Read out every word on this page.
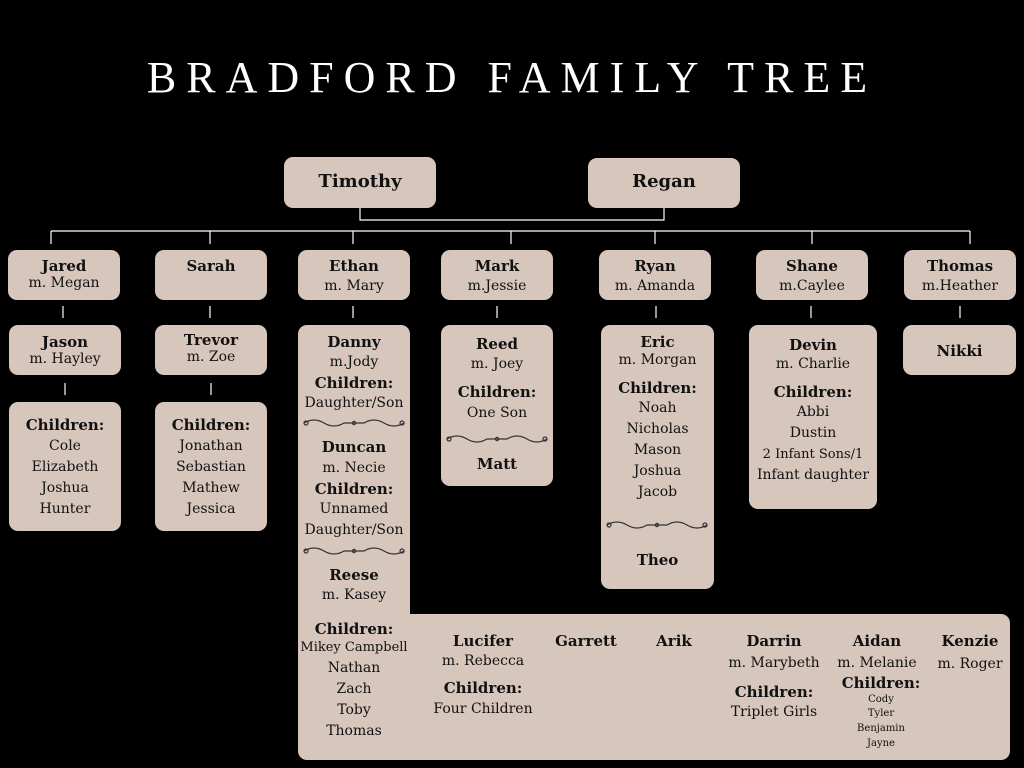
BRADFORD FAMILY TREE
Timothy	Regan
Jared
m. Megan
Sarah	Ethan
m. Mary
Mark
m.Jessie
Ryan
m. Amanda
Shane
m.Caylee
Thomas
m.Heather
Jason
m. Hayley
Children:
Cole
Elizabeth
Joshua
Hunter
Trevor
m. Zoe
Children:
Jonathan
Sebastian
Mathew
Jessica
Danny
m.Jody
Children:
Daughter/Son
Duncan
m. Necie
Children:
Unnamed
Daughter/Son
Reese
m. Kasey
Children:
Mikey Campbell
Nathan
Zach
Toby
Thomas
Lucifer
m. Rebecca
Children:
Four Children
Garrett	Arik	Darrin
m. Marybeth
Children:
Triplet Girls
Aidan
m. Melanie
Children:
Cody
Tyler
Benjamin
Jayne
Kenzie
m. Roger
Reed
m. Joey
Children:
One Son
Matt
Eric
m. Morgan
Children:
Noah
Nicholas
Mason
Joshua
Jacob
Theo
Devin
m. Charlie
Children:
Abbi
Dustin
2 Infant Sons/1
Infant daughter
Nikki
